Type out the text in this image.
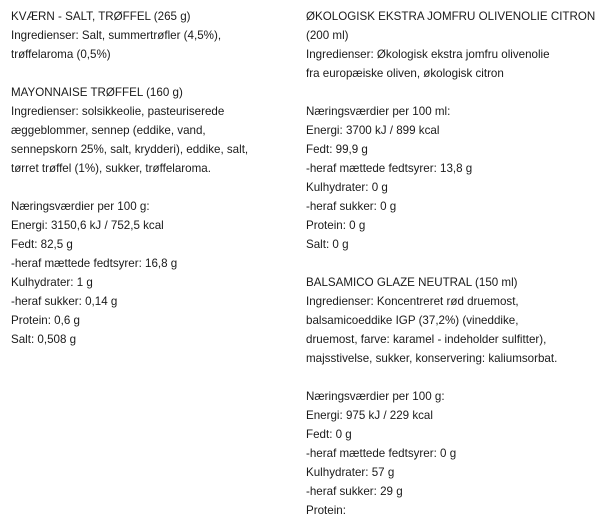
KVÆRN - SALT, TRØFFEL (265 g)
Ingredienser: Salt, summertrøfler (4,5%),
trøffelaroma (0,5%)
MAYONNAISE TRØFFEL (160 g)
Ingredienser: solsikkeolie, pasteuriserede
æggeblommer, sennep (eddike, vand,
sennepskorn 25%, salt, krydderi), eddike, salt,
tørret trøffel (1%), sukker, trøffelaroma.
Næringsværdier per 100 g:
Energi: 3150,6 kJ / 752,5 kcal
Fedt: 82,5 g
-heraf mættede fedtsyrer: 16,8 g
Kulhydrater: 1 g
-heraf sukker: 0,14 g
Protein: 0,6 g
Salt: 0,508 g
ØKOLOGISK EKSTRA JOMFRU OLIVENOLIE CITRON
(200 ml)
Ingredienser: Økologisk ekstra jomfru olivenolie
fra europæiske oliven, økologisk citron
Næringsværdier per 100 ml:
Energi: 3700 kJ / 899 kcal
Fedt: 99,9 g
-heraf mættede fedtsyrer: 13,8 g
Kulhydrater: 0 g
-heraf sukker: 0 g
Protein: 0 g
Salt: 0 g
BALSAMICO GLAZE NEUTRAL (150 ml)
Ingredienser: Koncentreret rød druemost,
balsamicoeddike IGP (37,2%) (vineddike,
druemost, farve: karamel - indeholder sulfitter),
majsstivelse, sukker, konservering: kaliumsorbat.
Næringsværdier per 100 g:
Energi: 975 kJ / 229 kcal
Fedt: 0 g
-heraf mættede fedtsyrer: 0 g
Kulhydrater: 57 g
-heraf sukker: 29 g
Protein:
